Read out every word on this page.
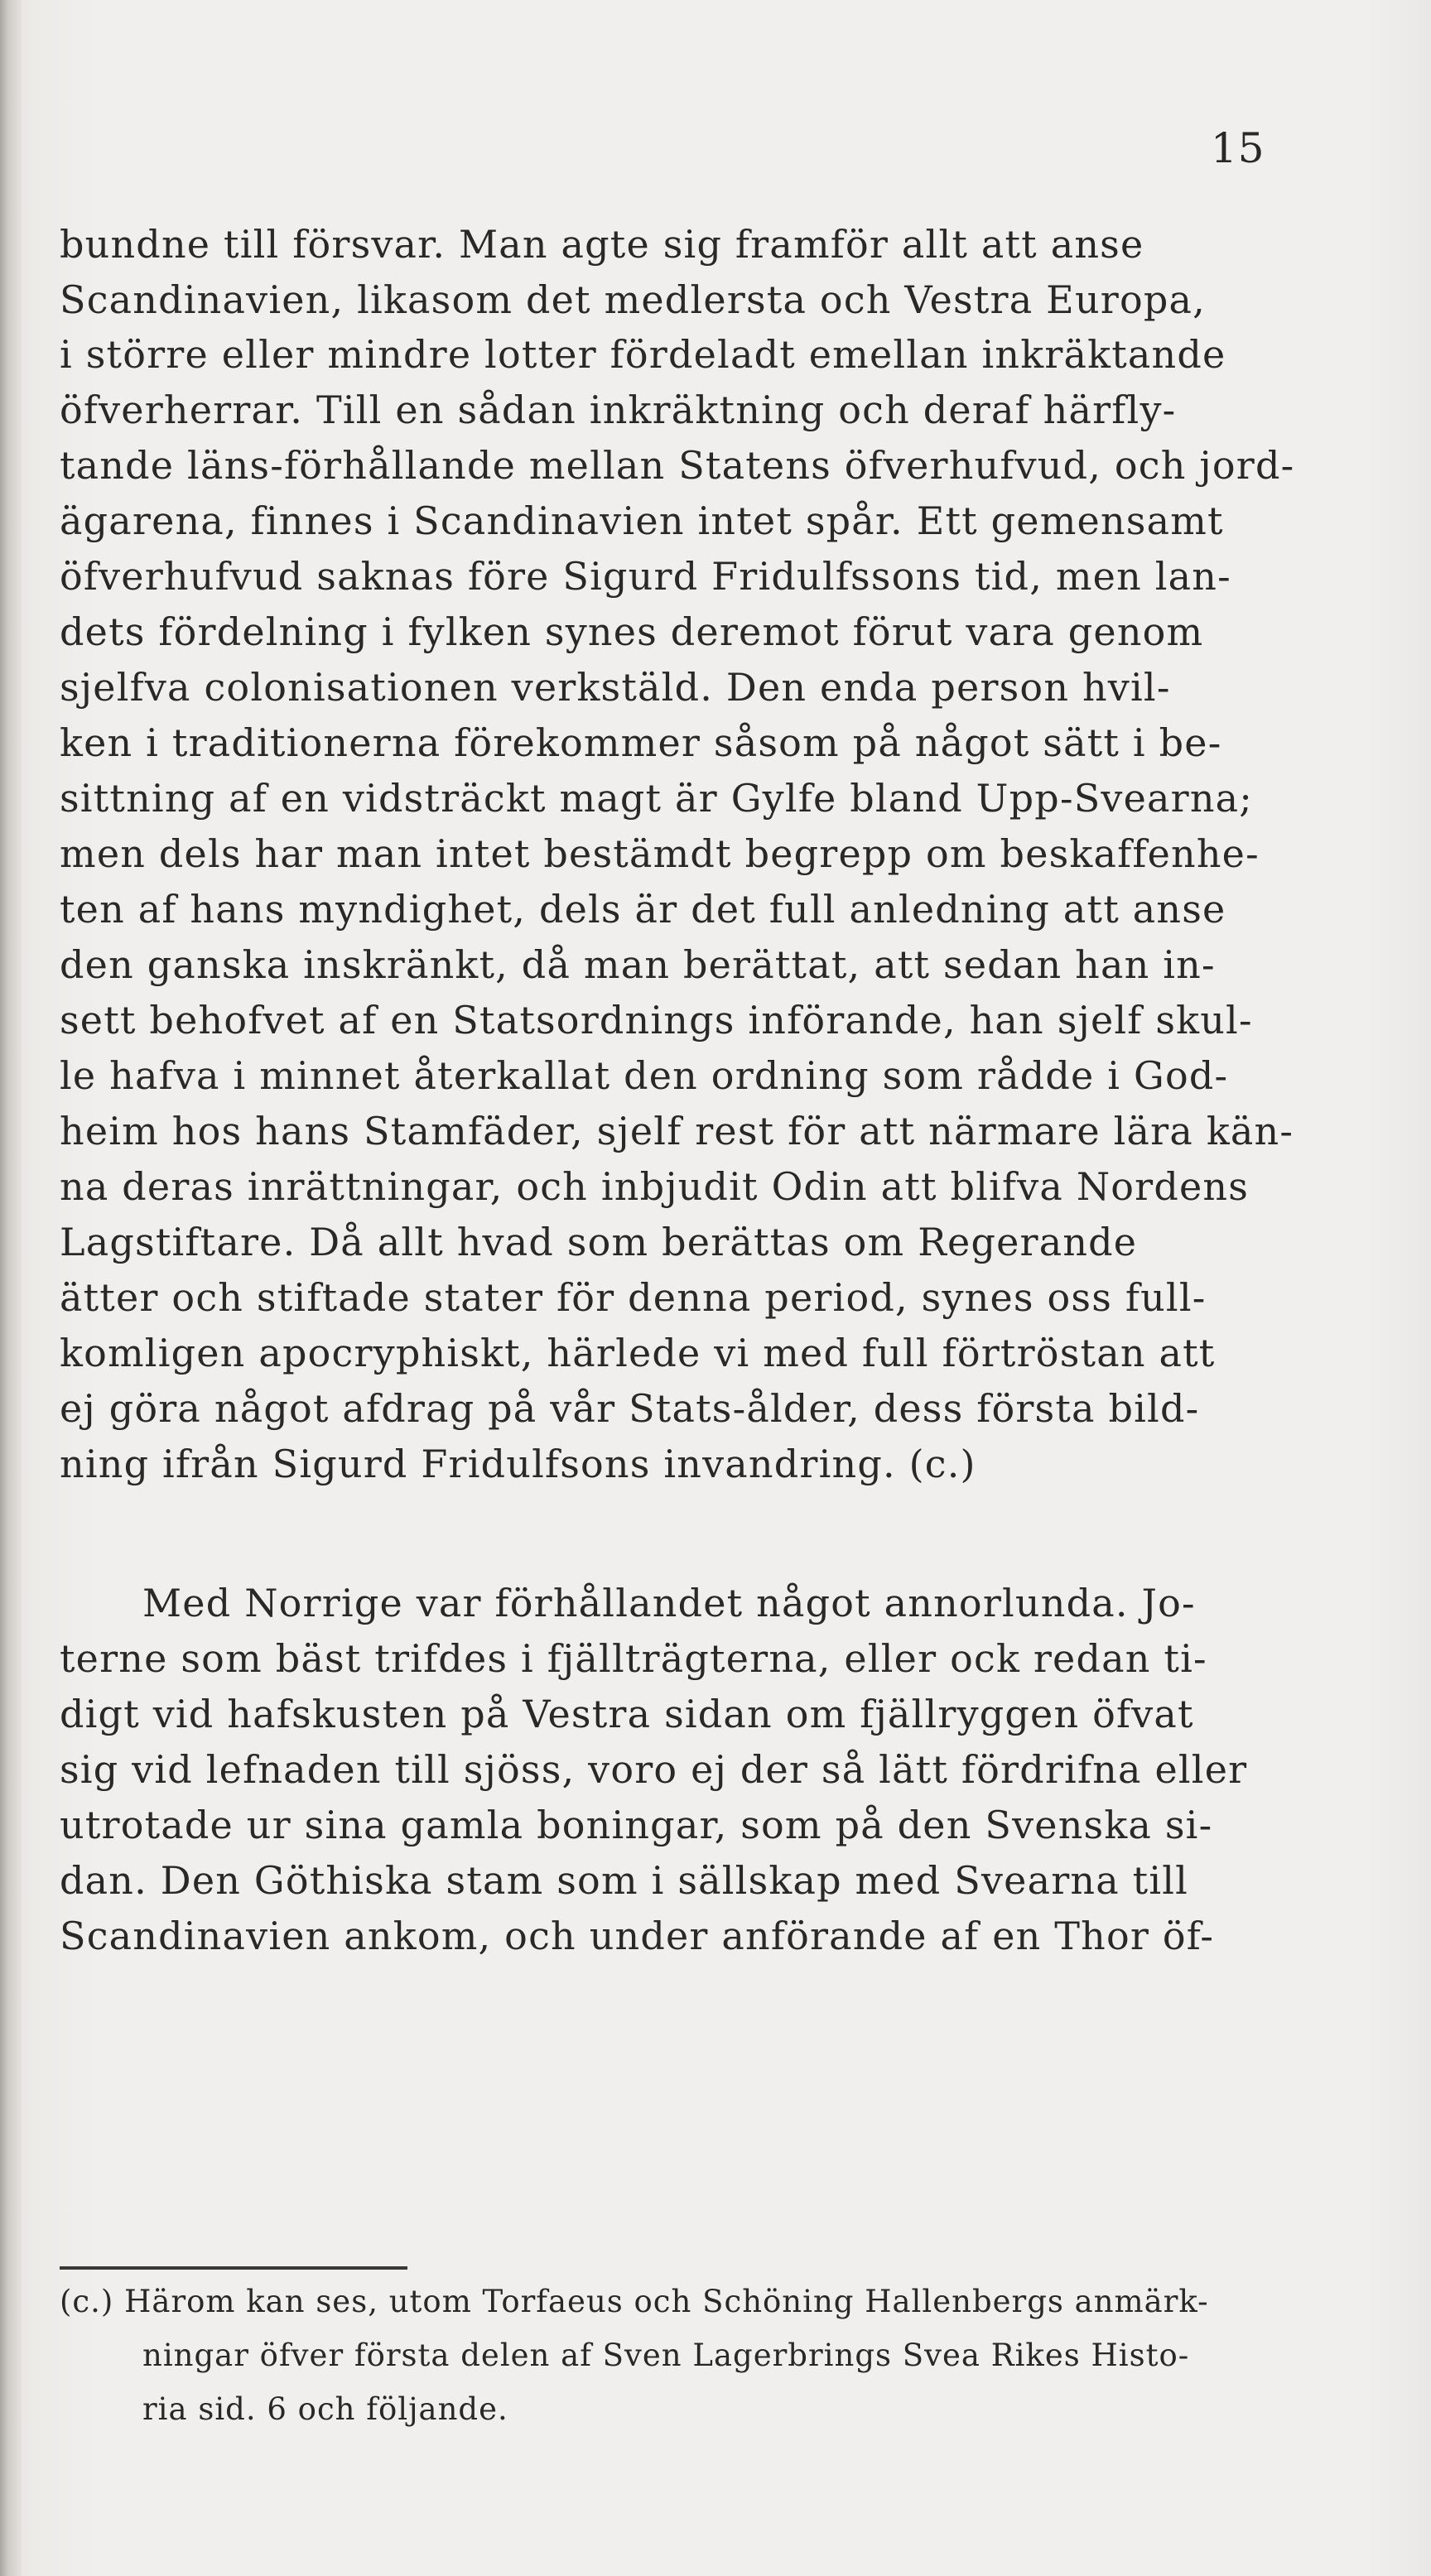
15
bundne till försvar. Man agte sig framför allt att anse
Scandinavien, likasom det medlersta och Vestra Europa,
i större eller mindre lotter fördeladt emellan inkräktande
öfverherrar. Till en sådan inkräktning och deraf härfly-
tande läns-förhållande mellan Statens öfverhufvud, och jord-
ägarena, finnes i Scandinavien intet spår. Ett gemensamt
öfverhufvud saknas före Sigurd Fridulfssons tid, men lan-
dets fördelning i fylken synes deremot förut vara genom
sjelfva colonisationen verkstäld. Den enda person hvil-
ken i traditionerna förekommer såsom på något sätt i be-
sittning af en vidsträckt magt är Gylfe bland Upp-Svearna;
men dels har man intet bestämdt begrepp om beskaffenhe-
ten af hans myndighet, dels är det full anledning att anse
den ganska inskränkt, då man berättat, att sedan han in-
sett behofvet af en Statsordnings införande, han sjelf skul-
le hafva i minnet återkallat den ordning som rådde i God-
heim hos hans Stamfäder, sjelf rest för att närmare lära kän-
na deras inrättningar, och inbjudit Odin att blifva Nordens
Lagstiftare. Då allt hvad som berättas om Regerande
ätter och stiftade stater för denna period, synes oss full-
komligen apocryphiskt, härlede vi med full förtröstan att
ej göra något afdrag på vår Stats-ålder, dess första bild-
ning ifrån Sigurd Fridulfsons invandring. (c.)
Med Norrige var förhållandet något annorlunda. Jo-
terne som bäst trifdes i fjällträgterna, eller ock redan ti-
digt vid hafskusten på Vestra sidan om fjällryggen öfvat
sig vid lefnaden till sjöss, voro ej der så lätt fördrifna eller
utrotade ur sina gamla boningar, som på den Svenska si-
dan. Den Göthiska stam som i sällskap med Svearna till
Scandinavien ankom, och under anförande af en Thor öf-
(c.) Härom kan ses, utom Torfaeus och Schöning Hallenbergs anmärk-
ningar öfver första delen af Sven Lagerbrings Svea Rikes Histo-
ria sid. 6 och följande.
